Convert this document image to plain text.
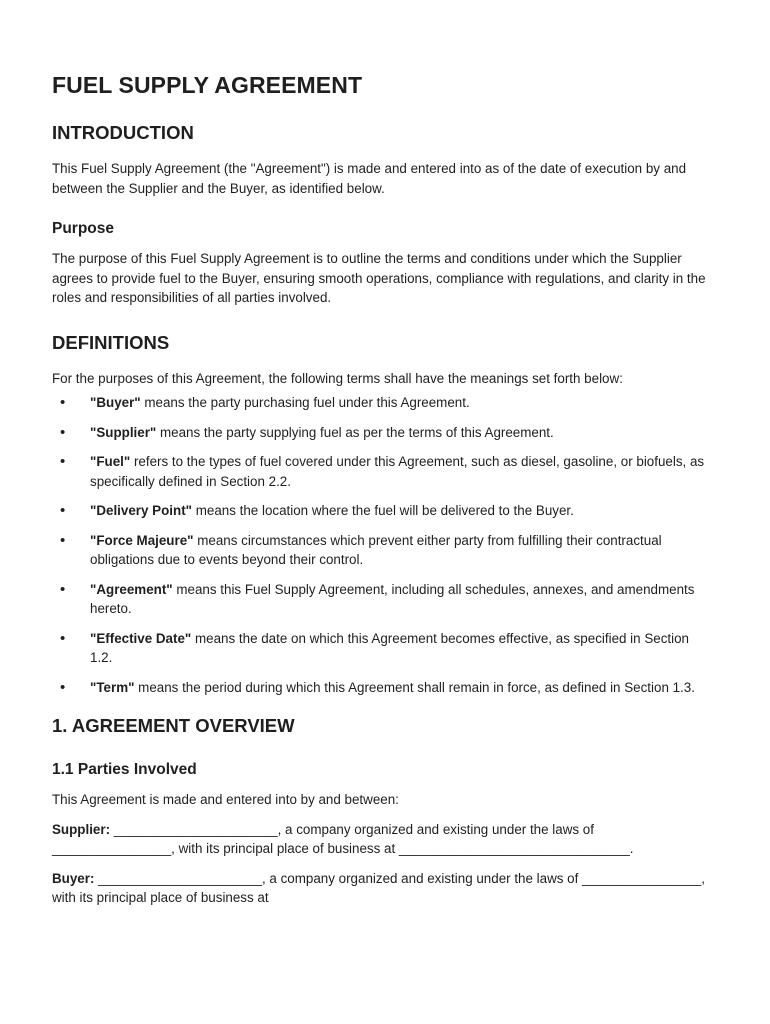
FUEL SUPPLY AGREEMENT
INTRODUCTION

This Fuel Supply Agreement (the "Agreement") is made and entered into as of the date of execution by and between the Supplier and the Buyer, as identified below.

Purpose

The purpose of this Fuel Supply Agreement is to outline the terms and conditions under which the Supplier agrees to provide fuel to the Buyer, ensuring smooth operations, compliance with regulations, and clarity in the roles and responsibilities of all parties involved.

DEFINITIONS

For the purposes of this Agreement, the following terms shall have the meanings set forth below:

• "Buyer" means the party purchasing fuel under this Agreement.
• "Supplier" means the party supplying fuel as per the terms of this Agreement.
• "Fuel" refers to the types of fuel covered under this Agreement, such as diesel, gasoline, or biofuels, as specifically defined in Section 2.2.
• "Delivery Point" means the location where the fuel will be delivered to the Buyer.
• "Force Majeure" means circumstances which prevent either party from fulfilling their contractual obligations due to events beyond their control.
• "Agreement" means this Fuel Supply Agreement, including all schedules, annexes, and amendments hereto.
• "Effective Date" means the date on which this Agreement becomes effective, as specified in Section 1.2.
• "Term" means the period during which this Agreement shall remain in force, as defined in Section 1.3.
1. AGREEMENT OVERVIEW
1.1 Parties Involved

This Agreement is made and entered into by and between:

Supplier: ______________________, a company organized and existing under the laws of ________________, with its principal place of business at _______________________________.

Buyer: ______________________, a company organized and existing under the laws of ________________, with its principal place of business at
